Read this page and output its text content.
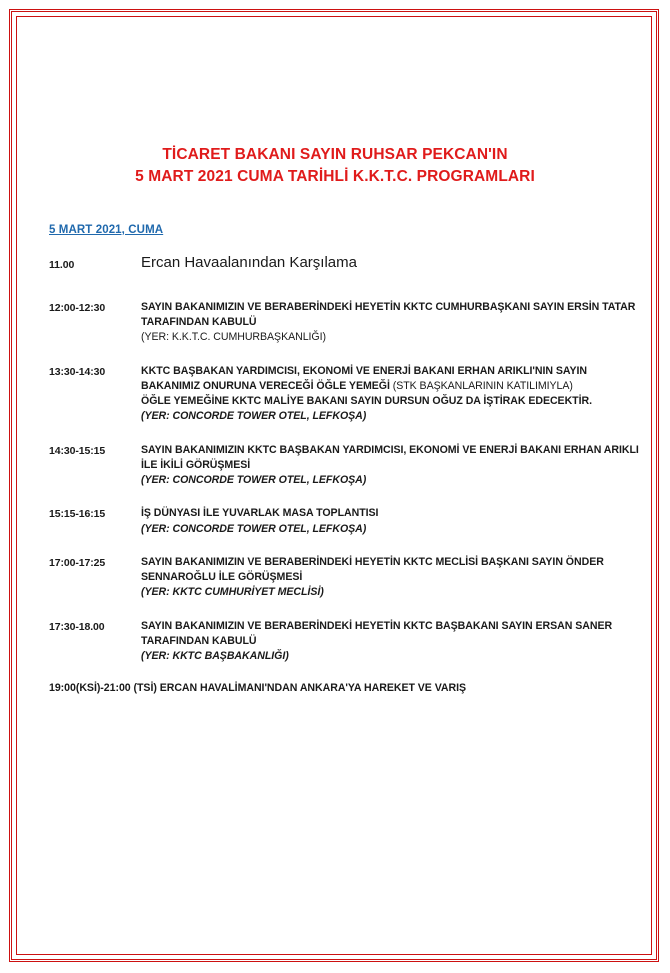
TİCARET BAKANI SAYIN RUHSAR PEKCAN'IN
5 MART 2021 CUMA TARİHLİ K.K.T.C. PROGRAMLARI
5 MART 2021, CUMA
11.00	Ercan Havaalanından Karşılama
12:00-12:30	SAYIN BAKANIMIZIN VE BERABERİNDEKİ HEYETİN KKTC CUMHURBAŞKANI SAYIN ERSİN TATAR TARAFINDAN KABULÜ
(YER: K.K.T.C. CUMHURBAŞKANLIĞI)
13:30-14:30	KKTC BAŞBAKAN YARDIMCISI, EKONOMİ VE ENERJİ BAKANI ERHAN ARIKLI'NIN SAYIN BAKANIMIZ ONURUNA VERECEĞİ ÖĞLE YEMEĞİ (STK BAŞKANLARININ KATILIMIYLA)
ÖĞLE YEMEĞİNE KKTC MALİYE BAKANI SAYIN DURSUN OĞUZ DA İŞTİRAK EDECEKTİR.
(YER: CONCORDE TOWER OTEL, LEFKOŞA)
14:30-15:15	SAYIN BAKANIMIZIN KKTC BAŞBAKAN YARDIMCISI, EKONOMİ VE ENERJİ BAKANI ERHAN ARIKLI İLE İKİLİ GÖRÜŞMESİ
(YER: CONCORDE TOWER OTEL, LEFKOŞA)
15:15-16:15	İŞ DÜNYASI İLE YUVARLAK MASA TOPLANTISI
(YER: CONCORDE TOWER OTEL, LEFKOŞA)
17:00-17:25	SAYIN BAKANIMIZIN VE BERABERİNDEKİ HEYETİN KKTC MECLİSİ BAŞKANI SAYIN ÖNDER SENNAROĞLU İLE GÖRÜŞMESİ
(YER: KKTC CUMHURİYET MECLİSİ)
17:30-18.00	SAYIN BAKANIMIZIN VE BERABERİNDEKİ HEYETİN KKTC BAŞBAKANI SAYIN ERSAN SANER TARAFINDAN KABULÜ
(YER: KKTC BAŞBAKANLIĞI)
19:00(KSİ)-21:00 (TSİ) ERCAN HAVALİMANI'NDAN ANKARA'YA HAREKET VE VARIŞ
